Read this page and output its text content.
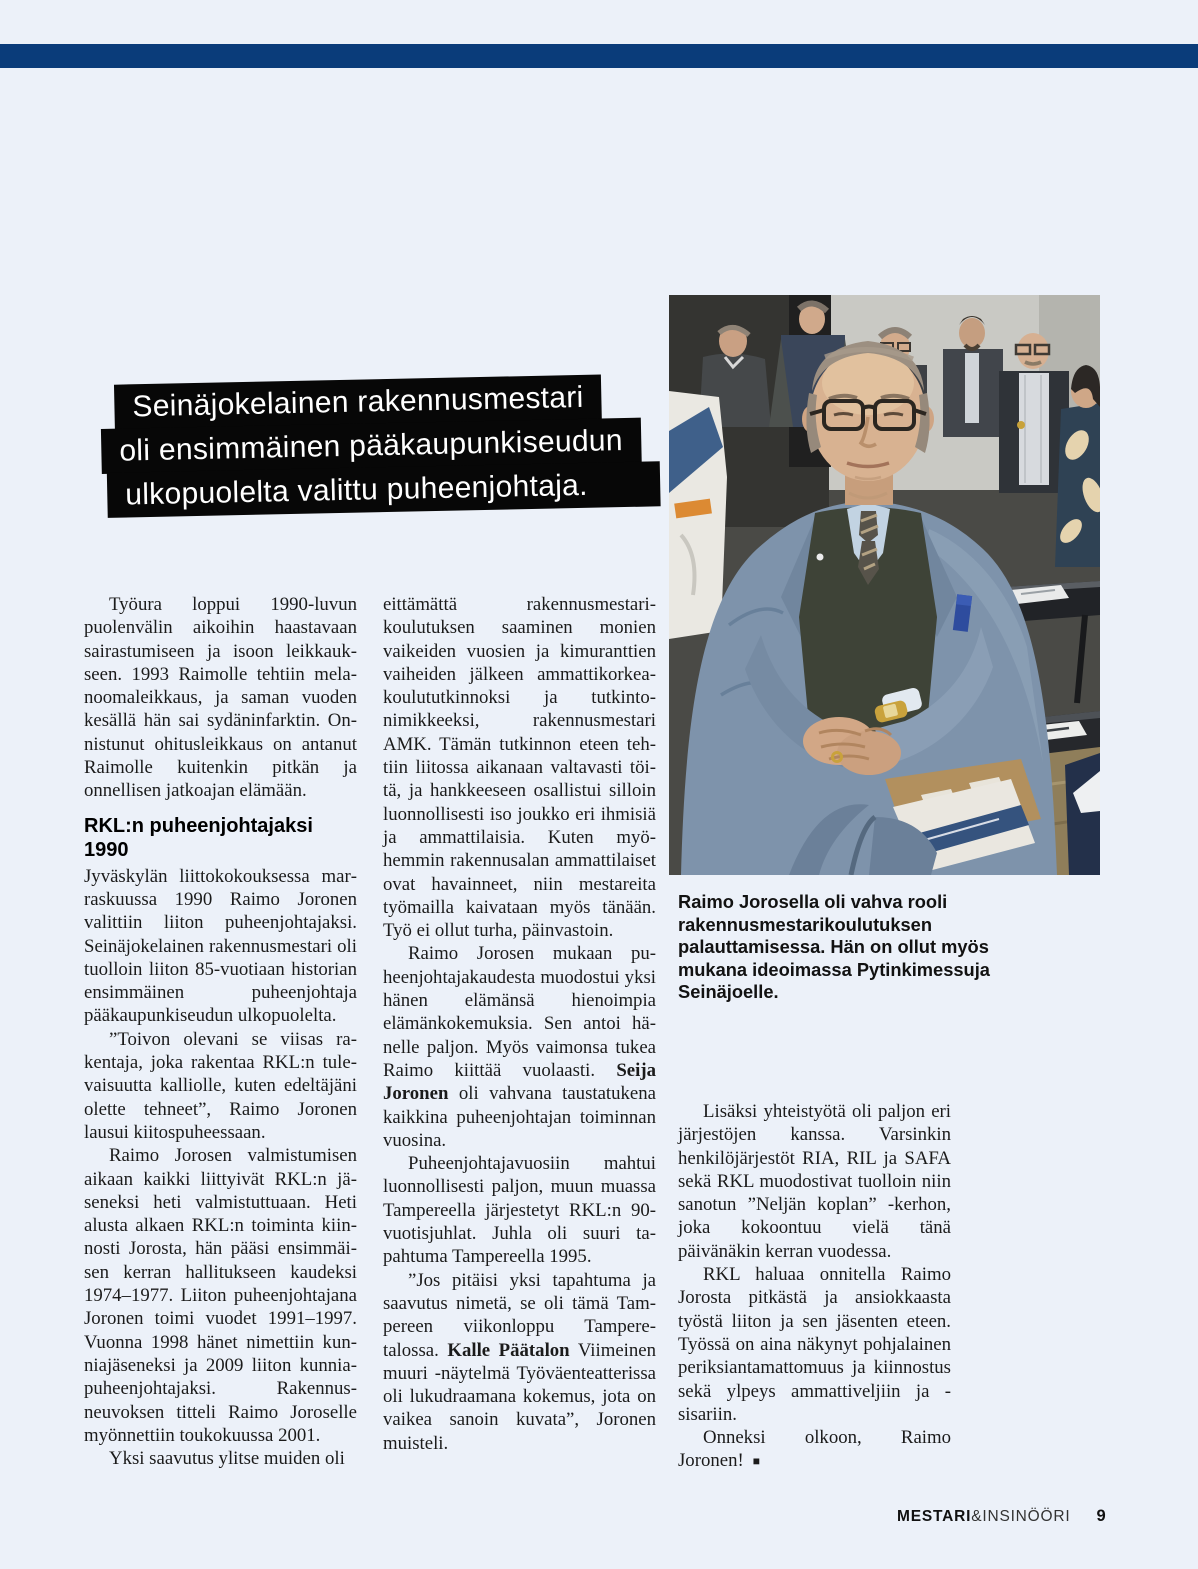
Seinäjokelainen rakennusmestari
oli ensimmäinen pääkaupunkiseudun
ulkopuolelta valittu puheenjohtaja.
Raimo Jorosella oli vahva rooli rakennusmestarikoulutuksen palauttamisessa. Hän on ollut myös mukana ideoimassa Pytinkimessuja Seinäjoelle.

Työura loppui 1990-luvun puolenvälin aikoihin haastavaan sairastumiseen ja isoon leikkaukseen. 1993 Raimolle tehtiin melanoomaleikkaus, ja saman vuoden kesällä hän sai sydäninfarktin. Onnistunut ohitusleikkaus on antanut Raimolle kuitenkin pitkän ja onnellisen jatkoajan elämään.

RKL:n puheenjohtajaksi 1990

Jyväskylän liittokokouksessa marraskuussa 1990 Raimo Joronen valittiin liiton puheenjohtajaksi. Seinäjokelainen rakennusmestari oli tuolloin liiton 85-vuotiaan historian ensimmäinen puheenjohtaja pääkaupunkiseudun ulkopuolelta.

”Toivon olevani se viisas rakentaja, joka rakentaa RKL:n tulevaisuutta kalliolle, kuten edeltäjäni olette tehneet”, Raimo Joronen lausui kiitospuheessaan.

Raimo Jorosen valmistumisen aikaan kaikki liittyivät RKL:n jäseneksi heti valmistuttuaan. Heti alusta alkaen RKL:n toiminta kiinnosti Jorosta, hän pääsi ensimmäisen kerran hallitukseen kaudeksi 1974–1977. Liiton puheenjohtajana Joronen toimi vuodet 1991–1997. Vuonna 1998 hänet nimettiin kunniajäseneksi ja 2009 liiton kunniapuheenjohtajaksi. Rakennusneuvoksen titteli Raimo Joroselle myönnettiin toukokuussa 2001.

Yksi saavutus ylitse muiden oli

eittämättä rakennusmestarikoulutuksen saaminen monien vaikeiden vuosien ja kimuranttien vaiheiden jälkeen ammattikorkeakoulututkinnoksi ja tutkintonimikkeeksi, rakennusmestari AMK. Tämän tutkinnon eteen tehtiin liitossa aikanaan valtavasti töitä, ja hankkeeseen osallistui silloin luonnollisesti iso joukko eri ihmisiä ja ammattilaisia. Kuten myöhemmin rakennusalan ammattilaiset ovat havainneet, niin mestareita työmailla kaivataan myös tänään. Työ ei ollut turha, päinvastoin.

Raimo Jorosen mukaan puheenjohtajakaudesta muodostui yksi hänen elämänsä hienoimpia elämänkokemuksia. Sen antoi hänelle paljon. Myös vaimonsa tukea Raimo kiittää vuolaasti. Seija Joronen oli vahvana taustatukena kaikkina puheenjohtajan toiminnan vuosina.

Puheenjohtajavuosiin mahtui luonnollisesti paljon, muun muassa Tampereella järjestetyt RKL:n 90-vuotisjuhlat. Juhla oli suuri tapahtuma Tampereella 1995.

”Jos pitäisi yksi tapahtuma ja saavutus nimetä, se oli tämä Tampereen viikonloppu Tampere-talossa. Kalle Päätalon Viimeinen muuri -näytelmä Työväenteatterissa oli lukudraamana kokemus, jota on vaikea sanoin kuvata”, Joronen muisteli.

Lisäksi yhteistyötä oli paljon eri järjestöjen kanssa. Varsinkin henkilöjärjestöt RIA, RIL ja SAFA sekä RKL muodostivat tuolloin niin sanotun ”Neljän koplan” -kerhon, joka kokoontuu vielä tänä päivänäkin kerran vuodessa.

RKL haluaa onnitella Raimo Jorosta pitkästä ja ansiokkaasta työstä liiton ja sen jäsenten eteen. Työssä on aina näkynyt pohjalainen periksiantamattomuus ja kiinnostus sekä ylpeys ammattiveljiin ja -sisariin.

Onneksi olkoon, Raimo Joronen! ■

MESTARI &INSINÖÖRI 9
